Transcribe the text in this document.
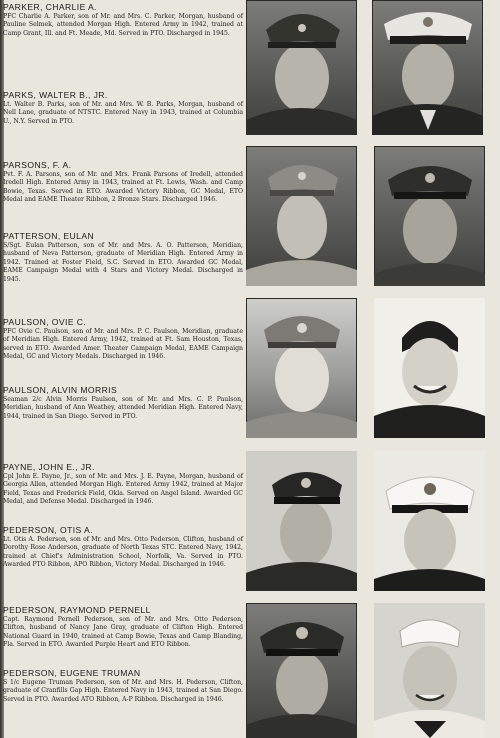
PARKER, CHARLIE A.

PFC Charlie A. Parker, son of Mr. and Mrs. C. Parker, Morgan, husband of Pauline Selmek, attended Morgan High. Entered Army in 1942, trained at Camp Grant, Ill. and Ft. Meade, Md. Served in PTO. Discharged in 1945.

PARKS, WALTER B., JR.

Lt. Walter B. Parks, son of Mr. and Mrs. W. B. Parks, Morgan, husband of Nell Lane, graduate of NTSTC. Entered Navy in 1943, trained at Columbia U., N.Y. Served in PTO.

PARSONS, F. A.

Pvt. F. A. Parsons, son of Mr. and Mrs. Frank Parsons of Iredell, attended Iredell High. Entered Army in 1943, trained at Ft. Lewis, Wash. and Camp Bowie, Texas. Served in ETO. Awarded Victory Ribbon, GC Medal, ETO Medal and EAME Theater Ribbon, 2 Bronze Stars. Discharged 1946.

PATTERSON, EULAN

S/Sgt. Eulan Patterson, son of Mr. and Mrs. A. O. Patterson, Meridian, husband of Neva Patterson, graduate of Meridian High. Entered Army in 1942. Trained at Foster Field, S.C. Served in ETO. Awarded GC Medal, EAME Campaign Medal with 4 Stars and Victory Medal. Discharged in 1945.

PAULSON, OVIE C.

PFC Ovie C. Paulson, son of Mr. and Mrs. P. C. Paulson, Meridian, graduate of Meridian High. Entered Army, 1942, trained at Ft. Sam Houston, Texas, served in ETO. Awarded Amer. Theater Campaign Medal, EAME Campaign Medal, GC and Victory Medals. Discharged in 1946.

PAULSON, ALVIN MORRIS

Seaman 2/c Alvin Morris Paulson, son of Mr. and Mrs. C. P. Paulson, Meridian, husband of Ann Weathey, attended Meridian High. Entered Navy, 1944, trained in San Diego. Served in PTO.

PAYNE, JOHN E., JR.

Cpl John E. Payne, Jr., son of Mr. and Mrs. J. E. Payne, Morgan, husband of Georgia Allen, attended Morgan High. Entered Army 1942, trained at Major Field, Texas and Frederick Field, Okla. Served on Angel Island. Awarded GC Medal, and Defense Medal. Discharged in 1946.

PEDERSON, OTIS A.

Lt. Otis A. Pederson, son of Mr. and Mrs. Otto Pederson, Clifton, husband of Dorothy Rose Anderson, graduate of North Texas STC. Entered Navy, 1942, trained at Chief's Administration School, Norfolk, Va. Served in PTO. Awarded PTO Ribbon, APO Ribbon, Victory Medal. Discharged in 1946.

PEDERSON, RAYMOND PERNELL

Capt. Raymond Pernell Pederson, son of Mr. and Mrs. Otto Pederson, Clifton, husband of Nancy Jane Gray, graduate of Clifton High. Entered National Guard in 1940, trained at Camp Bowie, Texas and Camp Blanding, Fla. Served in ETO. Awarded Purple Heart and ETO Ribbon.

PEDERSON, EUGENE TRUMAN

S 1/c Eugene Truman Pederson, son of Mr. and Mrs. H. Pederson, Clifton, graduate of Cranfills Gap High. Entered Navy in 1943, trained at San Diego. Served in PTO. Awarded ATO Ribbon, A-P Ribbon. Discharged in 1946.
